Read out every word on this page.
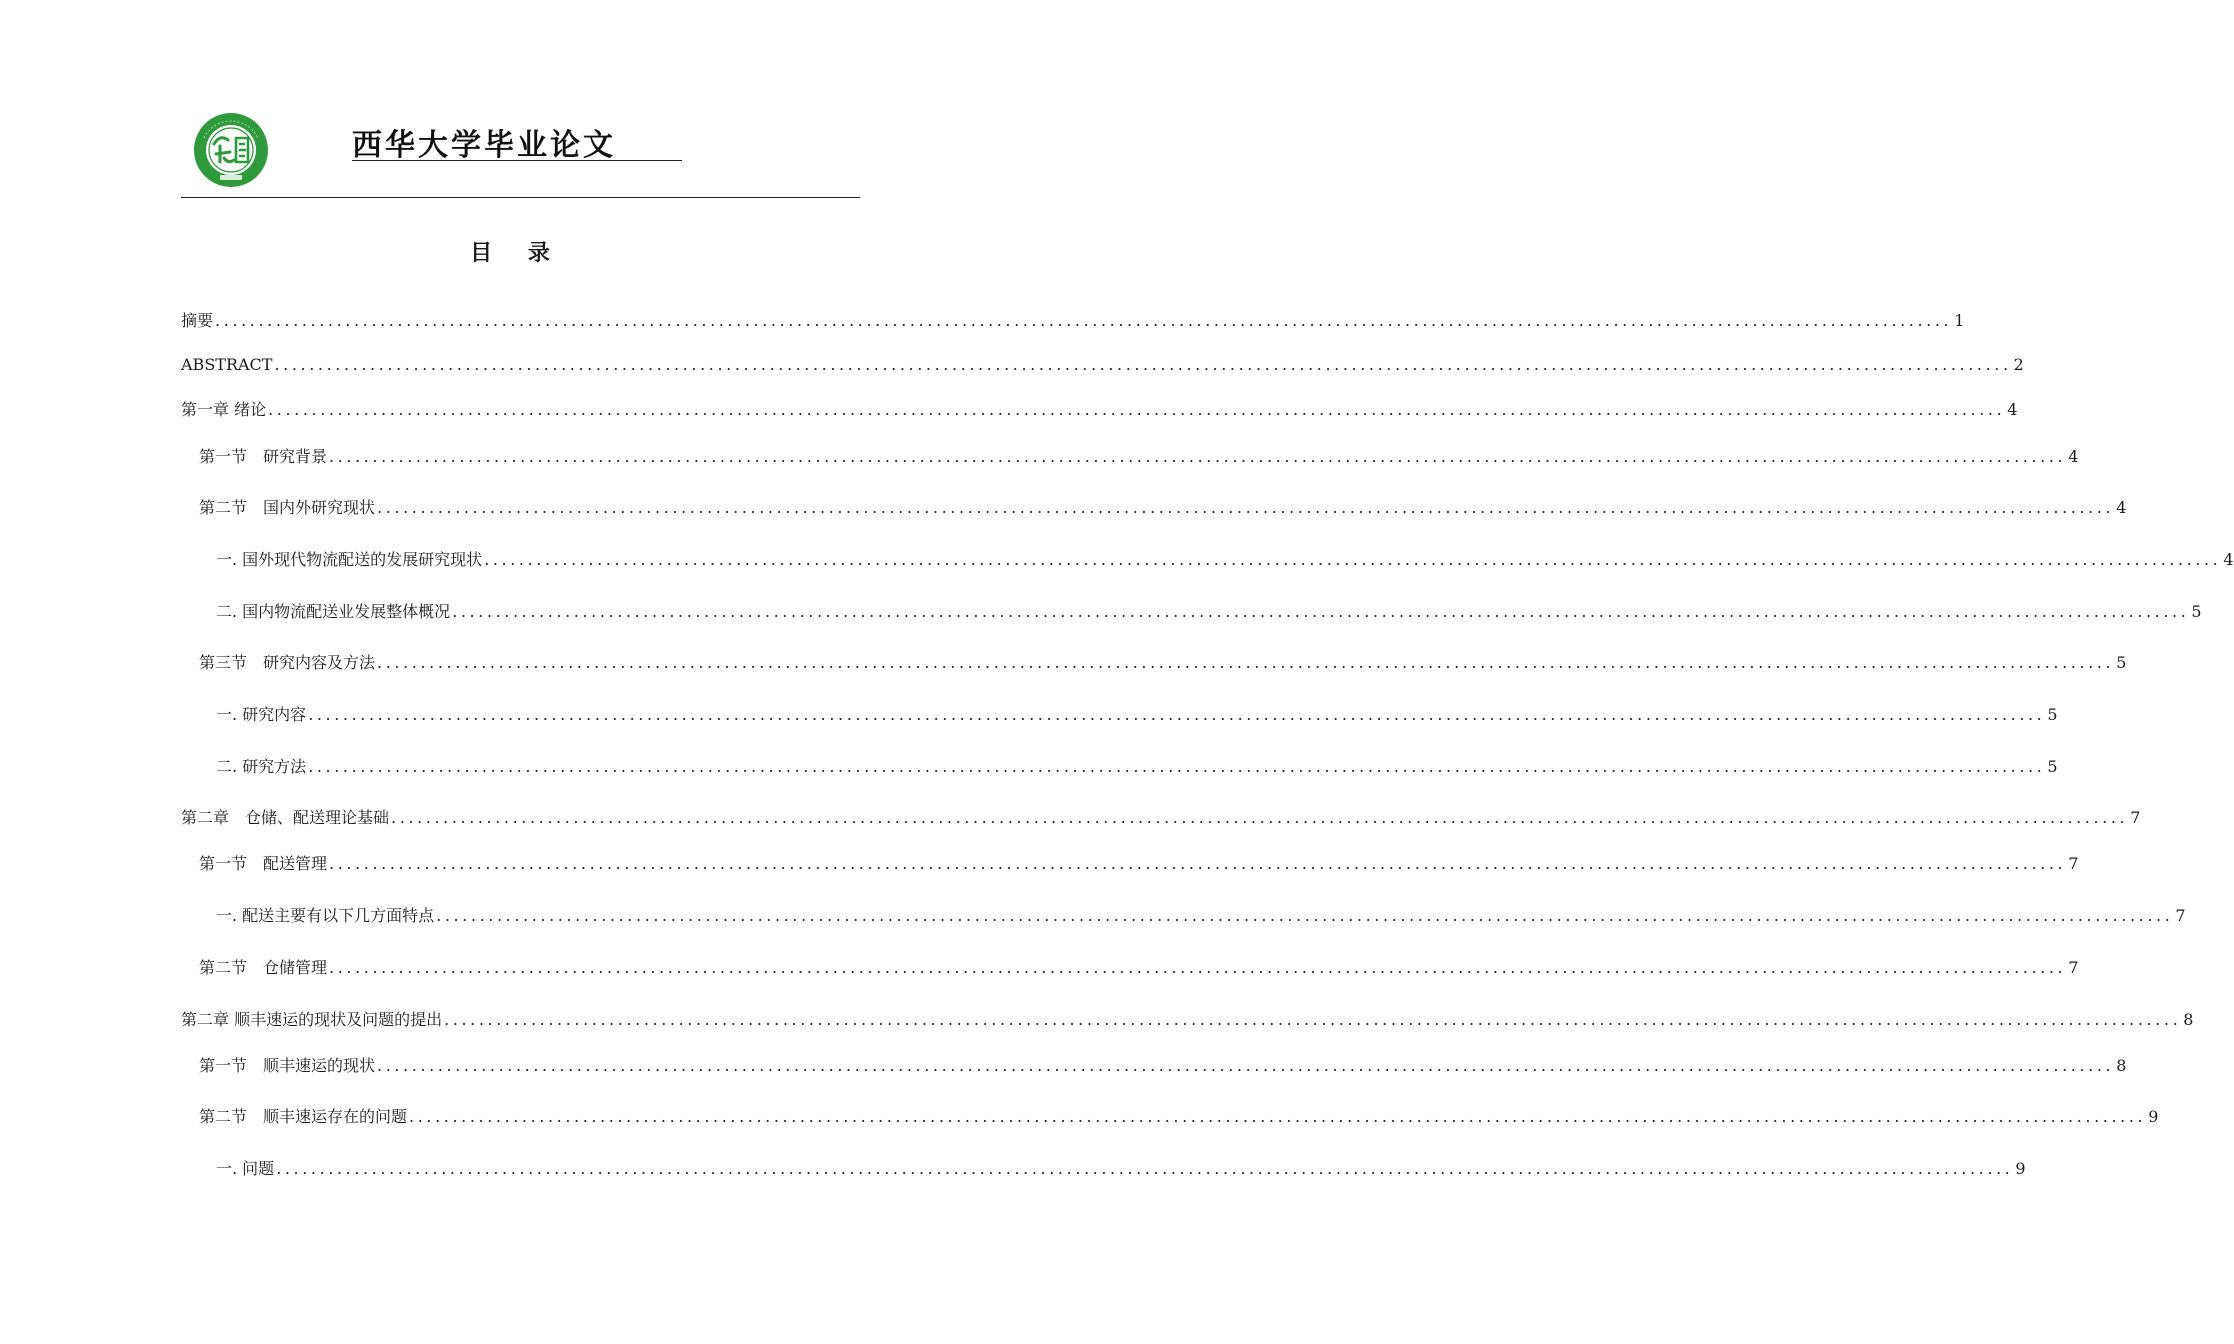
西华大学毕业论文
目 录
摘要 ........................................................................................................................................................................................................ 1
ABSTRACT ........................................................................................................................................................................................................ 2
第一章 绪论 ........................................................................................................................................................................................................ 4
第一节　研究背景 ........................................................................................................................................................................................................ 4
第二节　国内外研究现状 ........................................................................................................................................................................................................ 4
一. 国外现代物流配送的发展研究现状 ........................................................................................................................................................................................................ 4
二. 国内物流配送业发展整体概况 ........................................................................................................................................................................................................ 5
第三节　研究内容及方法 ........................................................................................................................................................................................................ 5
一. 研究内容 ........................................................................................................................................................................................................ 5
二. 研究方法 ........................................................................................................................................................................................................ 5
第二章　仓储、配送理论基础 ........................................................................................................................................................................................................ 7
第一节　配送管理 ........................................................................................................................................................................................................ 7
一. 配送主要有以下几方面特点 ........................................................................................................................................................................................................ 7
第二节　仓储管理 ........................................................................................................................................................................................................ 7
第二章 顺丰速运的现状及问题的提出 ........................................................................................................................................................................................................ 8
第一节　顺丰速运的现状 ........................................................................................................................................................................................................ 8
第二节　顺丰速运存在的问题 ........................................................................................................................................................................................................ 9
一. 问题 ........................................................................................................................................................................................................ 9
